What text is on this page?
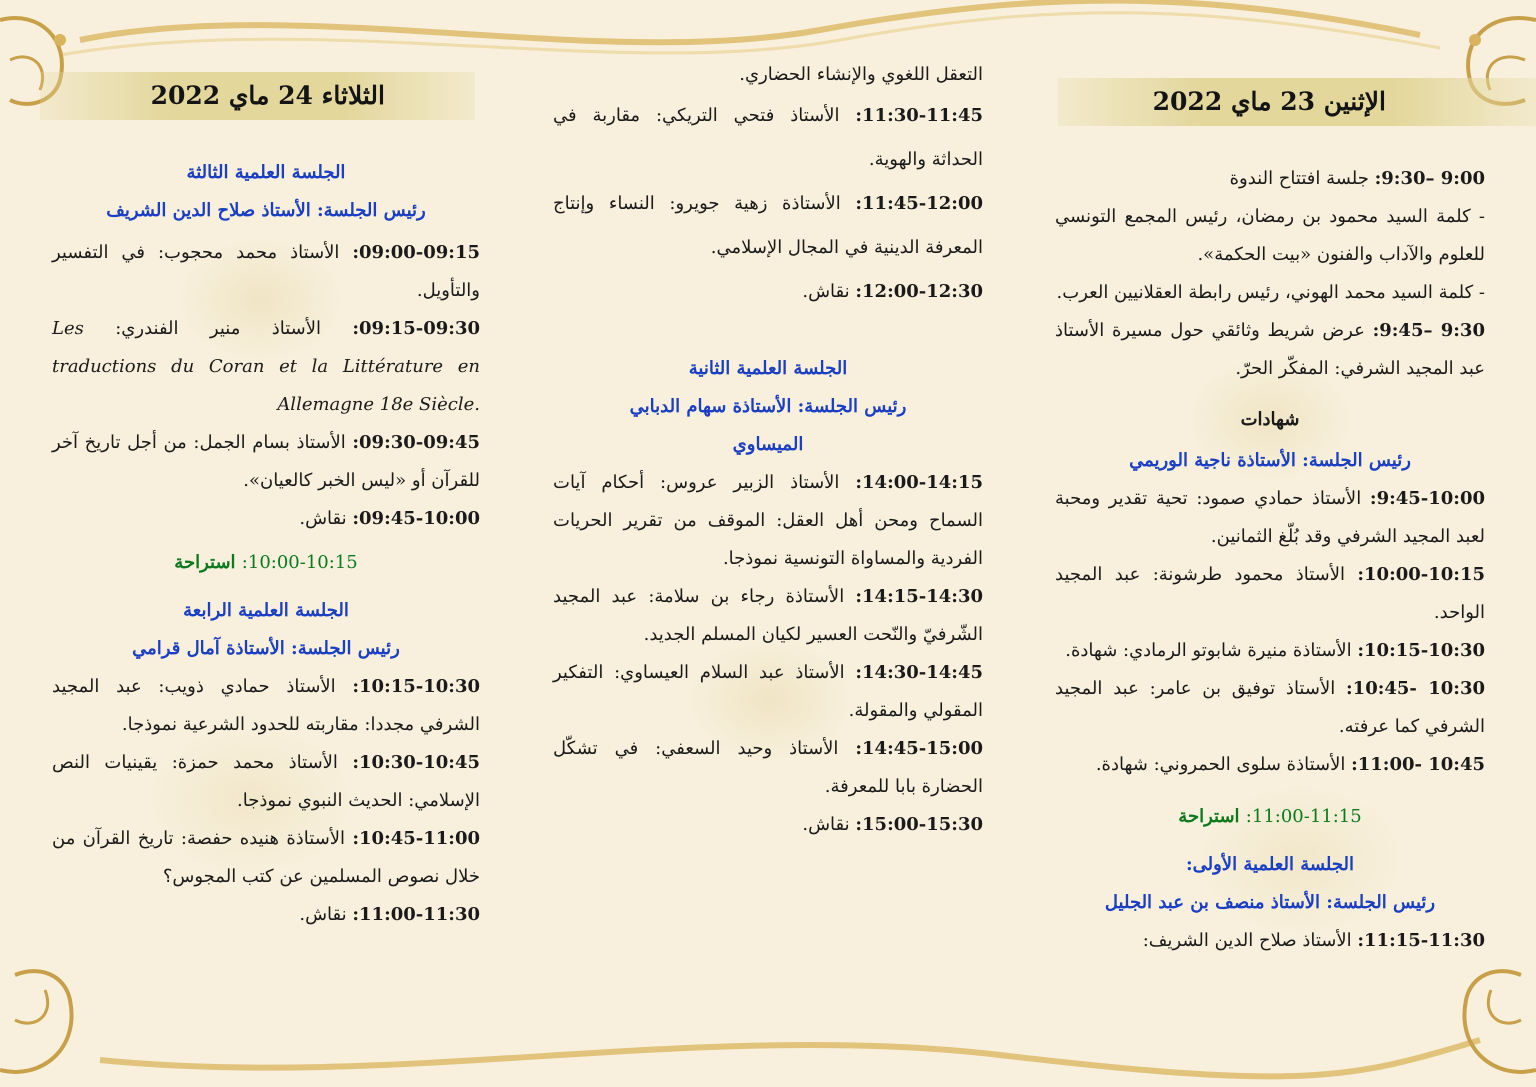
الإثنين 23 ماي 2022

9:00 –9:30: جلسة افتتاح الندوة

- كلمة السيد محمود بن رمضان، رئيس المجمع التونسي للعلوم والآداب والفنون «بيت الحكمة».

- كلمة السيد محمد الهوني، رئيس رابطة العقلانيين العرب.

9:30 –9:45: عرض شريط وثائقي حول مسيرة الأستاذ عبد المجيد الشرفي: المفكّر الحرّ.

شهادات

رئيس الجلسة: الأستاذة ناجية الوريمي

9:45-10:00: الأستاذ حمادي صمود: تحية تقدير ومحبة لعبد المجيد الشرفي وقد بُلّغ الثمانين.

10:00-10:15: الأستاذ محمود طرشونة: عبد المجيد الواحد.

10:15-10:30: الأستاذة منيرة شابوتو الرمادي: شهادة.

10:30 -10:45: الأستاذ توفيق بن عامر: عبد المجيد الشرفي كما عرفته.

10:45 -11:00: الأستاذة سلوى الحمروني: شهادة.

11:00-11:15: استراحة

الجلسة العلمية الأولى:

رئيس الجلسة: الأستاذ منصف بن عبد الجليل

11:15-11:30: الأستاذ صلاح الدين الشريف:

التعقل اللغوي والإنشاء الحضاري.

11:30-11:45: الأستاذ فتحي التريكي: مقاربة في الحداثة والهوية.

11:45-12:00: الأستاذة زهية جويرو: النساء وإنتاج المعرفة الدينية في المجال الإسلامي.

12:00-12:30: نقاش.

الجلسة العلمية الثانية

رئيس الجلسة: الأستاذة سهام الدبابي الميساوي

14:00-14:15: الأستاذ الزبير عروس: أحكام آيات السماح ومحن أهل العقل: الموقف من تقرير الحريات الفردية والمساواة التونسية نموذجا.

14:15-14:30: الأستاذة رجاء بن سلامة: عبد المجيد الشّرفيّ والنّحت العسير لكيان المسلم الجديد.

14:30-14:45: الأستاذ عبد السلام العيساوي: التفكير المقولي والمقولة.

14:45-15:00: الأستاذ وحيد السعفي: في تشكّل الحضارة بابا للمعرفة.

15:00-15:30: نقاش.

الثلاثاء 24 ماي 2022

الجلسة العلمية الثالثة

رئيس الجلسة: الأستاذ صلاح الدين الشريف

09:00-09:15: الأستاذ محمد محجوب: في التفسير والتأويل.

09:15-09:30: الأستاذ منير الفندري: Les traductions du Coran et la Littérature en Allemagne 18e Siècle.

09:30-09:45: الأستاذ بسام الجمل: من أجل تاريخ آخر للقرآن أو «ليس الخبر كالعيان».

09:45-10:00: نقاش.

10:00-10:15: استراحة

الجلسة العلمية الرابعة

رئيس الجلسة: الأستاذة آمال قرامي

10:15-10:30: الأستاذ حمادي ذويب: عبد المجيد الشرفي مجددا: مقاربته للحدود الشرعية نموذجا.

10:30-10:45: الأستاذ محمد حمزة: يقينيات النص الإسلامي: الحديث النبوي نموذجا.

10:45-11:00: الأستاذة هنيده حفصة: تاريخ القرآن من خلال نصوص المسلمين عن كتب المجوس؟

11:00-11:30: نقاش.
